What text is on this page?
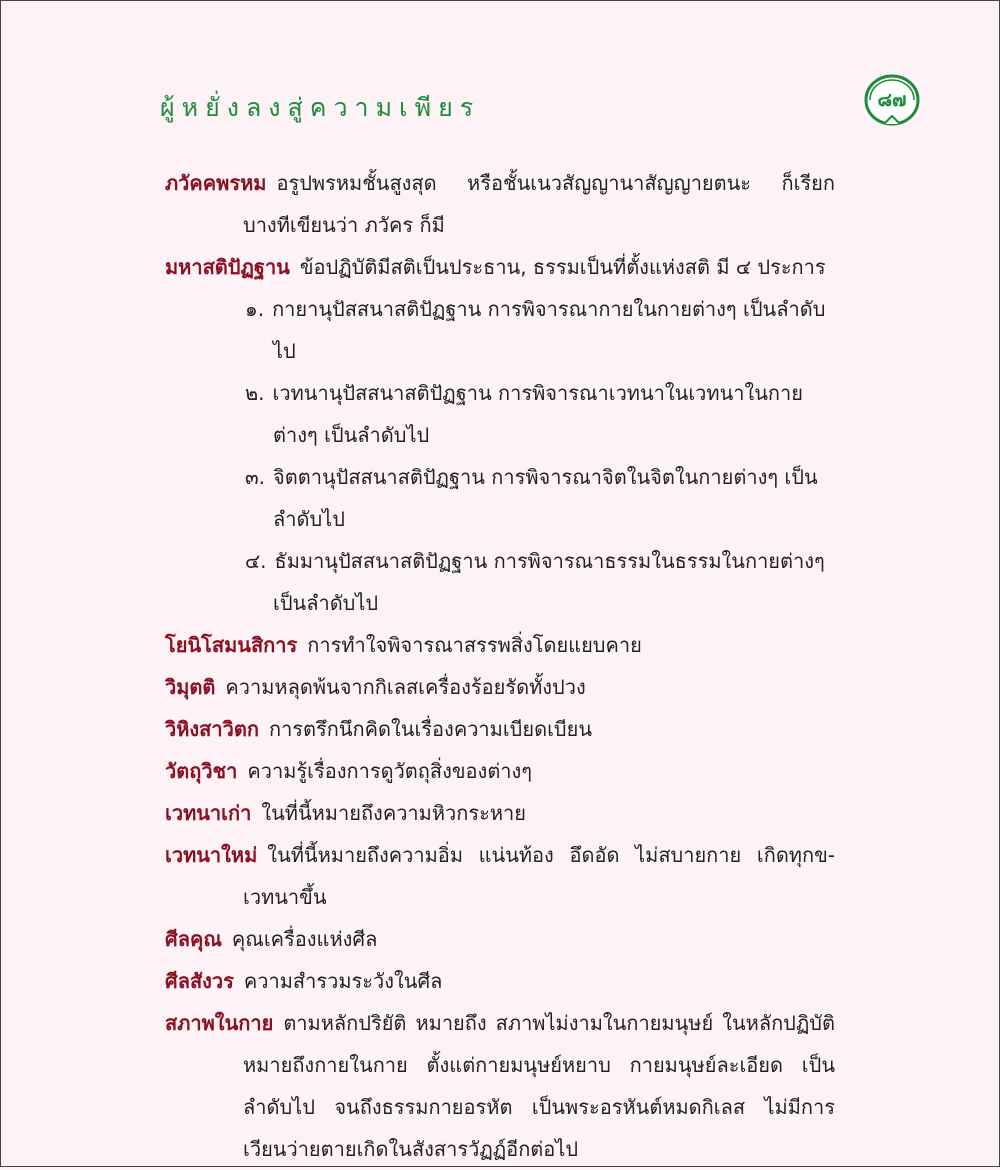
ผู้หยั่งลงสู่ความเพียร	๘๗

ภวัคคพรหม อรูปพรหมชั้นสูงสุด หรือชั้นเนวสัญญานาสัญญายตนะ ก็เรียก บางทีเขียนว่า ภวัคร ก็มี

มหาสติปัฏฐาน ข้อปฏิบัติมีสติเป็นประธาน, ธรรมเป็นที่ตั้งแห่งสติ มี ๔ ประการ

๑. กายานุปัสสนาสติปัฏฐาน การพิจารณากายในกายต่างๆ เป็นลำดับไป
๒. เวทนานุปัสสนาสติปัฏฐาน การพิจารณาเวทนาในเวทนาในกายต่างๆ เป็นลำดับไป
๓. จิตตานุปัสสนาสติปัฏฐาน การพิจารณาจิตในจิตในกายต่างๆ เป็นลำดับไป
๔. ธัมมานุปัสสนาสติปัฏฐาน การพิจารณาธรรมในธรรมในกายต่างๆ เป็นลำดับไป

โยนิโสมนสิการ การทำใจพิจารณาสรรพสิ่งโดยแยบคาย

วิมุตติ ความหลุดพ้นจากกิเลสเครื่องร้อยรัดทั้งปวง

วิหิงสาวิตก การตรึกนึกคิดในเรื่องความเบียดเบียน

วัตถุวิชา ความรู้เรื่องการดูวัตถุสิ่งของต่างๆ

เวทนาเก่า ในที่นี้หมายถึงความหิวกระหาย

เวทนาใหม่ ในที่นี้หมายถึงความอิ่ม แน่นท้อง อึดอัด ไม่สบายกาย เกิดทุกข-เวทนาขึ้น

ศีลคุณ คุณเครื่องแห่งศีล

ศีลสังวร ความสำรวมระวังในศีล

สภาพในกาย ตามหลักปริยัติ หมายถึง สภาพไม่งามในกายมนุษย์ ในหลักปฏิบัติหมายถึงกายในกาย ตั้งแต่กายมนุษย์หยาบ กายมนุษย์ละเอียด เป็นลำดับไป จนถึงธรรมกายอรหัต เป็นพระอรหันต์หมดกิเลส ไม่มีการเวียนว่ายตายเกิดในสังสารวัฏฏ์อีกต่อไป
